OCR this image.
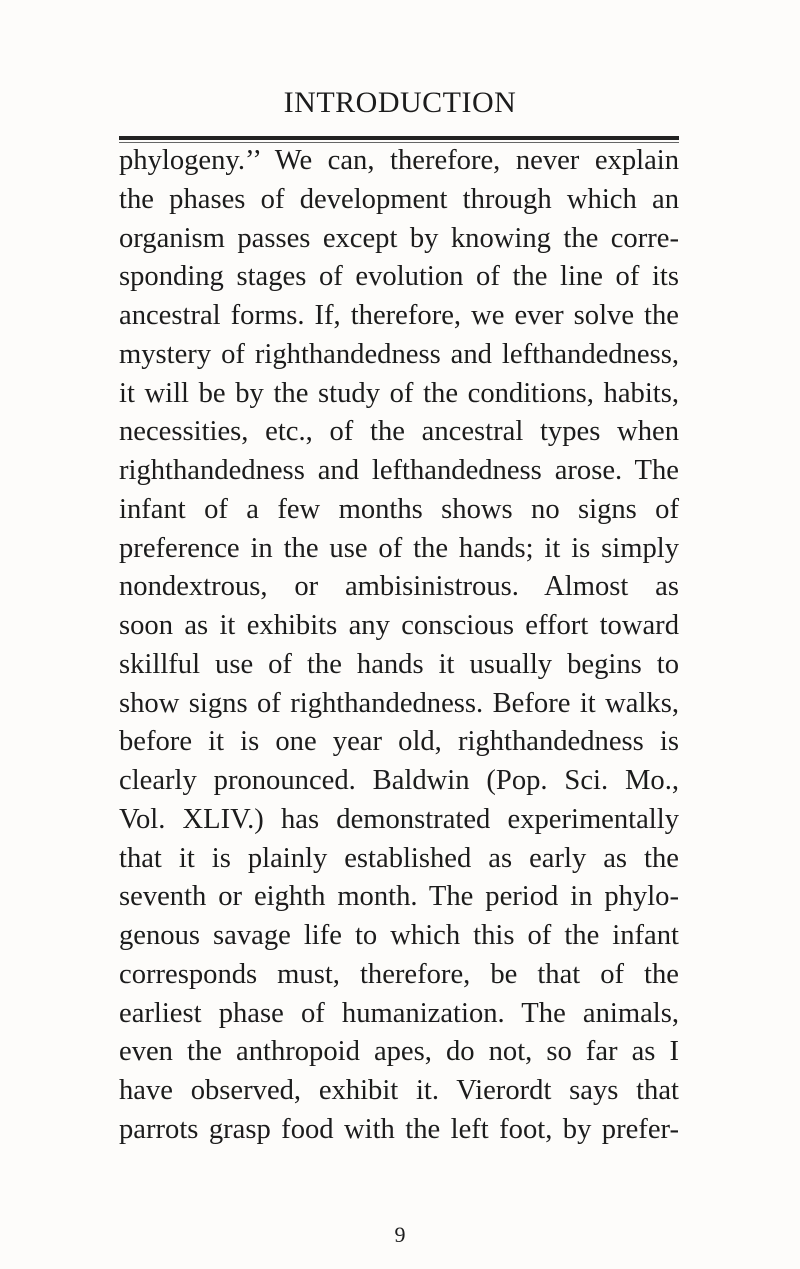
INTRODUCTION
phylogeny.’’ We can, therefore, never explain
the phases of development through which an
organism passes except by knowing the corre-
sponding stages of evolution of the line of its
ancestral forms. If, therefore, we ever solve the
mystery of righthandedness and lefthandedness,
it will be by the study of the conditions, habits,
necessities, etc., of the ancestral types when
righthandedness and lefthandedness arose. The
infant of a few months shows no signs of
preference in the use of the hands; it is simply
nondextrous, or ambisinistrous. Almost as
soon as it exhibits any conscious effort toward
skillful use of the hands it usually begins to
show signs of righthandedness. Before it walks,
before it is one year old, righthandedness is
clearly pronounced. Baldwin (Pop. Sci. Mo.,
Vol. XLIV.) has demonstrated experimentally
that it is plainly established as early as the
seventh or eighth month. The period in phylo-
genous savage life to which this of the infant
corresponds must, therefore, be that of the
earliest phase of humanization. The animals,
even the anthropoid apes, do not, so far as I
have observed, exhibit it. Vierordt says that
parrots grasp food with the left foot, by prefer-
9
